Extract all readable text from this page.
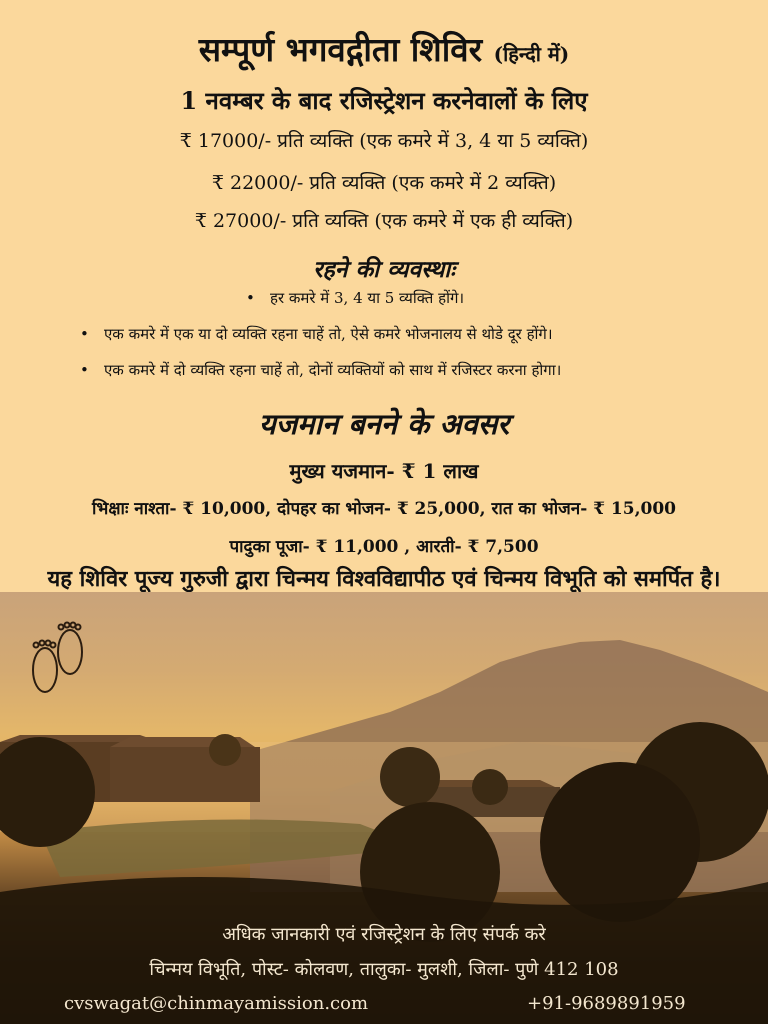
सम्पूर्ण भगवद्गीता शिविर (हिन्दी में)
1 नवम्बर के बाद रजिस्ट्रेशन करनेवालों के लिए
₹ 17000/- प्रति व्यक्ति (एक कमरे में 3, 4 या 5 व्यक्ति)
₹ 22000/- प्रति व्यक्ति (एक कमरे में 2 व्यक्ति)
₹ 27000/- प्रति व्यक्ति (एक कमरे में एक ही व्यक्ति)
रहने की व्यवस्थाः
• हर कमरे में 3, 4 या 5 व्यक्ति होंगे।
• एक कमरे में एक या दो व्यक्ति रहना चाहें तो, ऐसे कमरे भोजनालय से थोडे दूर होंगे।
• एक कमरे में दो व्यक्ति रहना चाहें तो, दोनों व्यक्तियों को साथ में रजिस्टर करना होगा।
यजमान बनने के अवसर
मुख्य यजमान- ₹ 1 लाख
भिक्षाः नाश्ता- ₹ 10,000, दोपहर का भोजन- ₹ 25,000, रात का भोजन- ₹ 15,000
पादुका पूजा- ₹ 11,000 , आरती- ₹ 7,500
यह शिविर पूज्य गुरुजी द्वारा चिन्मय विश्वविद्यापीठ एवं चिन्मय विभूति को समर्पित है।
अधिक जानकारी एवं रजिस्ट्रेशन के लिए संपर्क करे
चिन्मय विभूति, पोस्ट- कोलवण, तालुका- मुलशी, जिला- पुणे 412 108
cvswagat@chinmayamission.com	+91-9689891959
